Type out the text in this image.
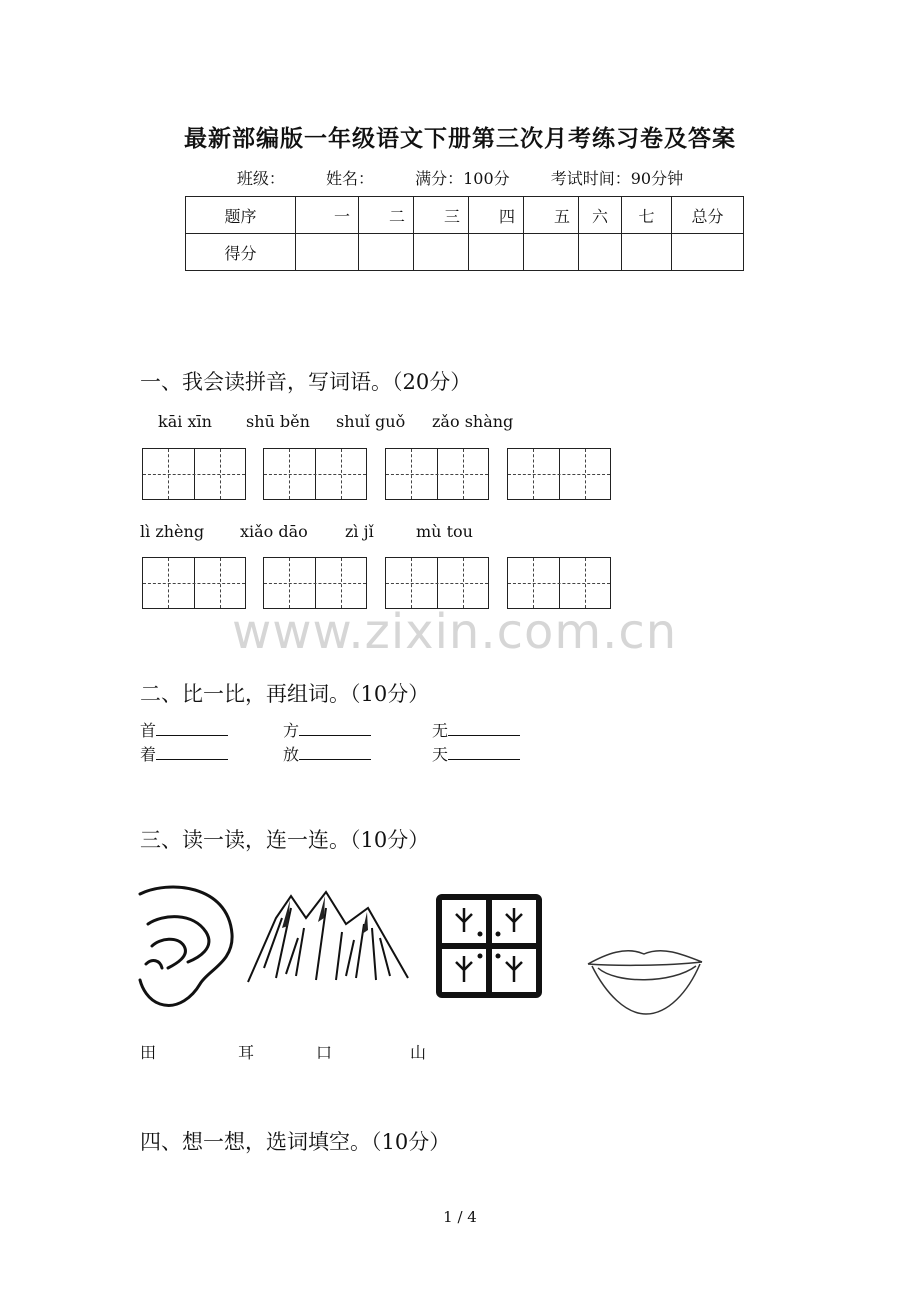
最新部编版一年级语文下册第三次月考练习卷及答案
班级：	姓名：	满分：100分	考试时间：90分钟
题序	一	二	三	四	五	六	七	总分
得分								
一、我会读拼音，写词语。（20分）
kāi xīn shū běn shuǐ guǒ zǎo shàng
lì zhèng xiǎo dāo zì jǐ	mù tou
www.zixin.com.cn
二、比一比，再组词。（10分）
首	方	无
着	放	天
三、读一读，连一连。（10分）
田	耳	口	山
四、想一想，选词填空。（10分）
1 / 4
